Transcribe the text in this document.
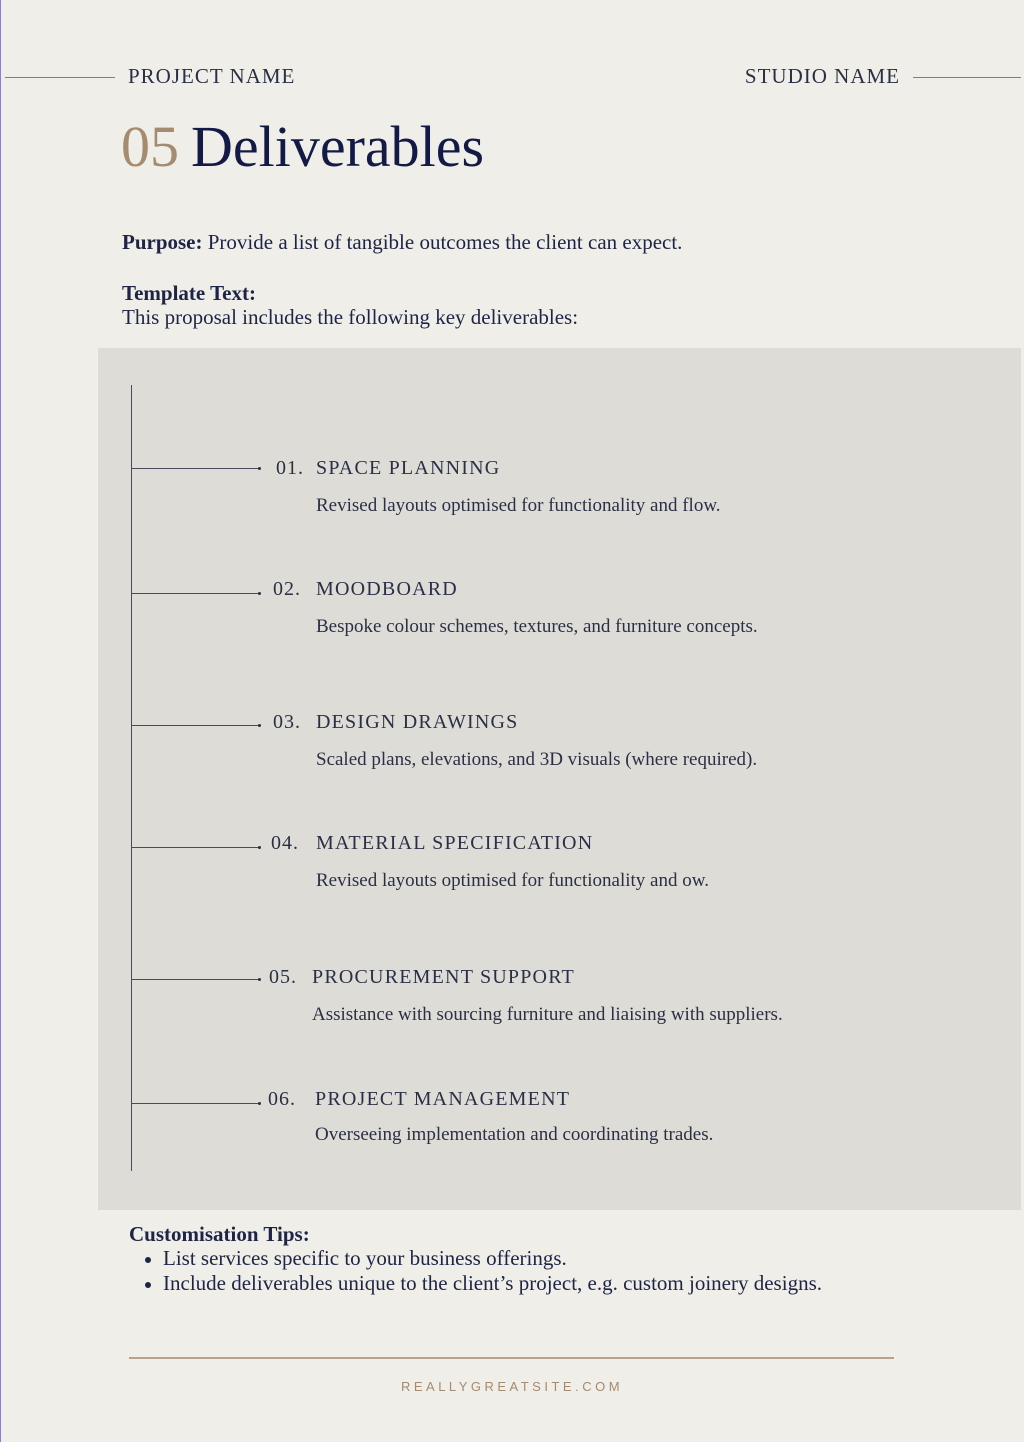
PROJECT NAME	STUDIO NAME
05 Deliverables
Purpose: Provide a list of tangible outcomes the client can expect.
Template Text:
This proposal includes the following key deliverables:
01. SPACE PLANNING
Revised layouts optimised for functionality and flow.
02. MOODBOARD
Bespoke colour schemes, textures, and furniture concepts.
03. DESIGN DRAWINGS
Scaled plans, elevations, and 3D visuals (where required).
04. MATERIAL SPECIFICATION
Revised layouts optimised for functionality and ow.
05. PROCUREMENT SUPPORT
Assistance with sourcing furniture and liaising with suppliers.
06. PROJECT MANAGEMENT
Overseeing implementation and coordinating trades.
Customisation Tips:
List services specific to your business offerings.
Include deliverables unique to the client’s project, e.g. custom joinery designs.
REALLYGREATSITE.COM
